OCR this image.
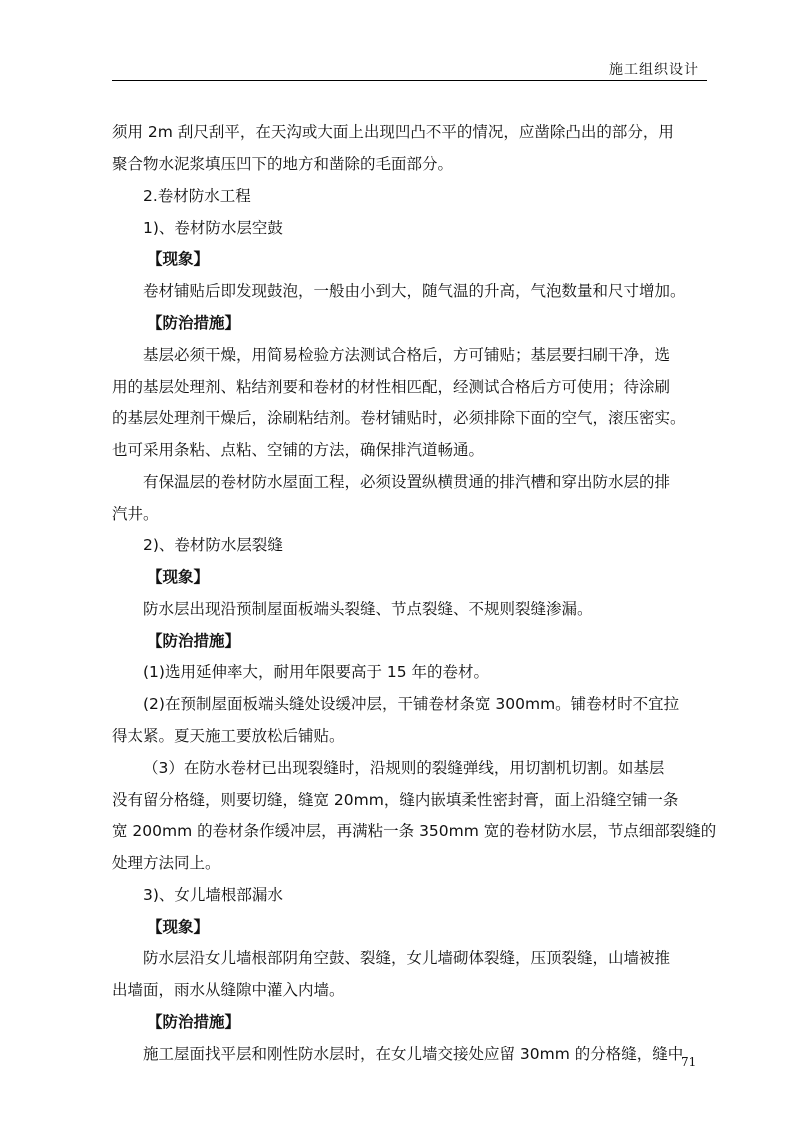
施工组织设计
须用 2m 刮尺刮平，在天沟或大面上出现凹凸不平的情况，应凿除凸出的部分，用
聚合物水泥浆填压凹下的地方和凿除的毛面部分。
2.卷材防水工程
1)、卷材防水层空鼓
【现象】
卷材铺贴后即发现鼓泡，一般由小到大，随气温的升高，气泡数量和尺寸增加。
【防治措施】
基层必须干燥，用简易检验方法测试合格后，方可铺贴；基层要扫刷干净，选
用的基层处理剂、粘结剂要和卷材的材性相匹配，经测试合格后方可使用；待涂刷
的基层处理剂干燥后，涂刷粘结剂。卷材铺贴时，必须排除下面的空气，滚压密实。
也可采用条粘、点粘、空铺的方法，确保排汽道畅通。
有保温层的卷材防水屋面工程，必须设置纵横贯通的排汽槽和穿出防水层的排
汽井。
2)、卷材防水层裂缝
【现象】
防水层出现沿预制屋面板端头裂缝、节点裂缝、不规则裂缝渗漏。
【防治措施】
(1)选用延伸率大，耐用年限要高于 15 年的卷材。
(2)在预制屋面板端头缝处设缓冲层，干铺卷材条宽 300mm。铺卷材时不宜拉
得太紧。夏天施工要放松后铺贴。
（3）在防水卷材已出现裂缝时，沿规则的裂缝弹线，用切割机切割。如基层
没有留分格缝，则要切缝，缝宽 20mm，缝内嵌填柔性密封膏，面上沿缝空铺一条
宽 200mm 的卷材条作缓冲层，再满粘一条 350mm 宽的卷材防水层，节点细部裂缝的
处理方法同上。
3)、女儿墙根部漏水
【现象】
防水层沿女儿墙根部阴角空鼓、裂缝，女儿墙砌体裂缝，压顶裂缝，山墙被推
出墙面，雨水从缝隙中灌入内墙。
【防治措施】
施工屋面找平层和刚性防水层时，在女儿墙交接处应留 30mm 的分格缝，缝中
71
